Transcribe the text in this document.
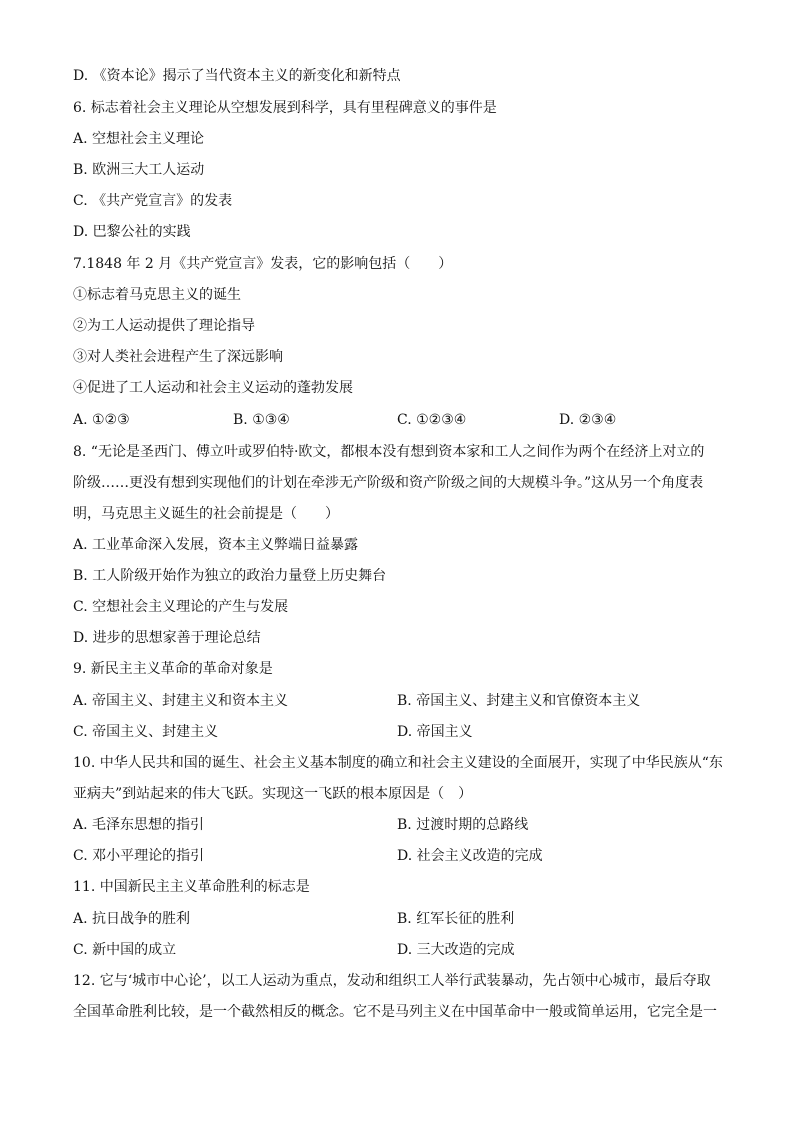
D. 《资本论》揭示了当代资本主义的新变化和新特点
6. 标志着社会主义理论从空想发展到科学，具有里程碑意义的事件是
A. 空想社会主义理论
B. 欧洲三大工人运动
C. 《共产党宣言》的发表
D. 巴黎公社的实践
7.1848 年 2 月《共产党宣言》发表，它的影响包括（　　）
①标志着马克思主义的诞生
②为工人运动提供了理论指导
③对人类社会进程产生了深远影响
④促进了工人运动和社会主义运动的蓬勃发展
A. ①②③	B. ①③④	C. ①②③④	D. ②③④
8. “无论是圣西门、傅立叶或罗伯特·欧文，都根本没有想到资本家和工人之间作为两个在经济上对立的
阶级……更没有想到实现他们的计划在牵涉无产阶级和资产阶级之间的大规模斗争。”这从另一个角度表
明，马克思主义诞生的社会前提是（　　）
A. 工业革命深入发展，资本主义弊端日益暴露
B. 工人阶级开始作为独立的政治力量登上历史舞台
C. 空想社会主义理论的产生与发展
D. 进步的思想家善于理论总结
9. 新民主主义革命的革命对象是
A. 帝国主义、封建主义和资本主义	B. 帝国主义、封建主义和官僚资本主义
C. 帝国主义、封建主义	D. 帝国主义
10. 中华人民共和国的诞生、社会主义基本制度的确立和社会主义建设的全面展开，实现了中华民族从“东
亚病夫”到站起来的伟大飞跃。实现这一飞跃的根本原因是（　）
A. 毛泽东思想的指引	B. 过渡时期的总路线
C. 邓小平理论的指引	D. 社会主义改造的完成
11. 中国新民主主义革命胜利的标志是
A. 抗日战争的胜利	B. 红军长征的胜利
C. 新中国的成立	D. 三大改造的完成
12. 它与‘城市中心论’，以工人运动为重点，发动和组织工人举行武装暴动，先占领中心城市，最后夺取
全国革命胜利比较，是一个截然相反的概念。它不是马列主义在中国革命中一般或简单运用，它完全是一
